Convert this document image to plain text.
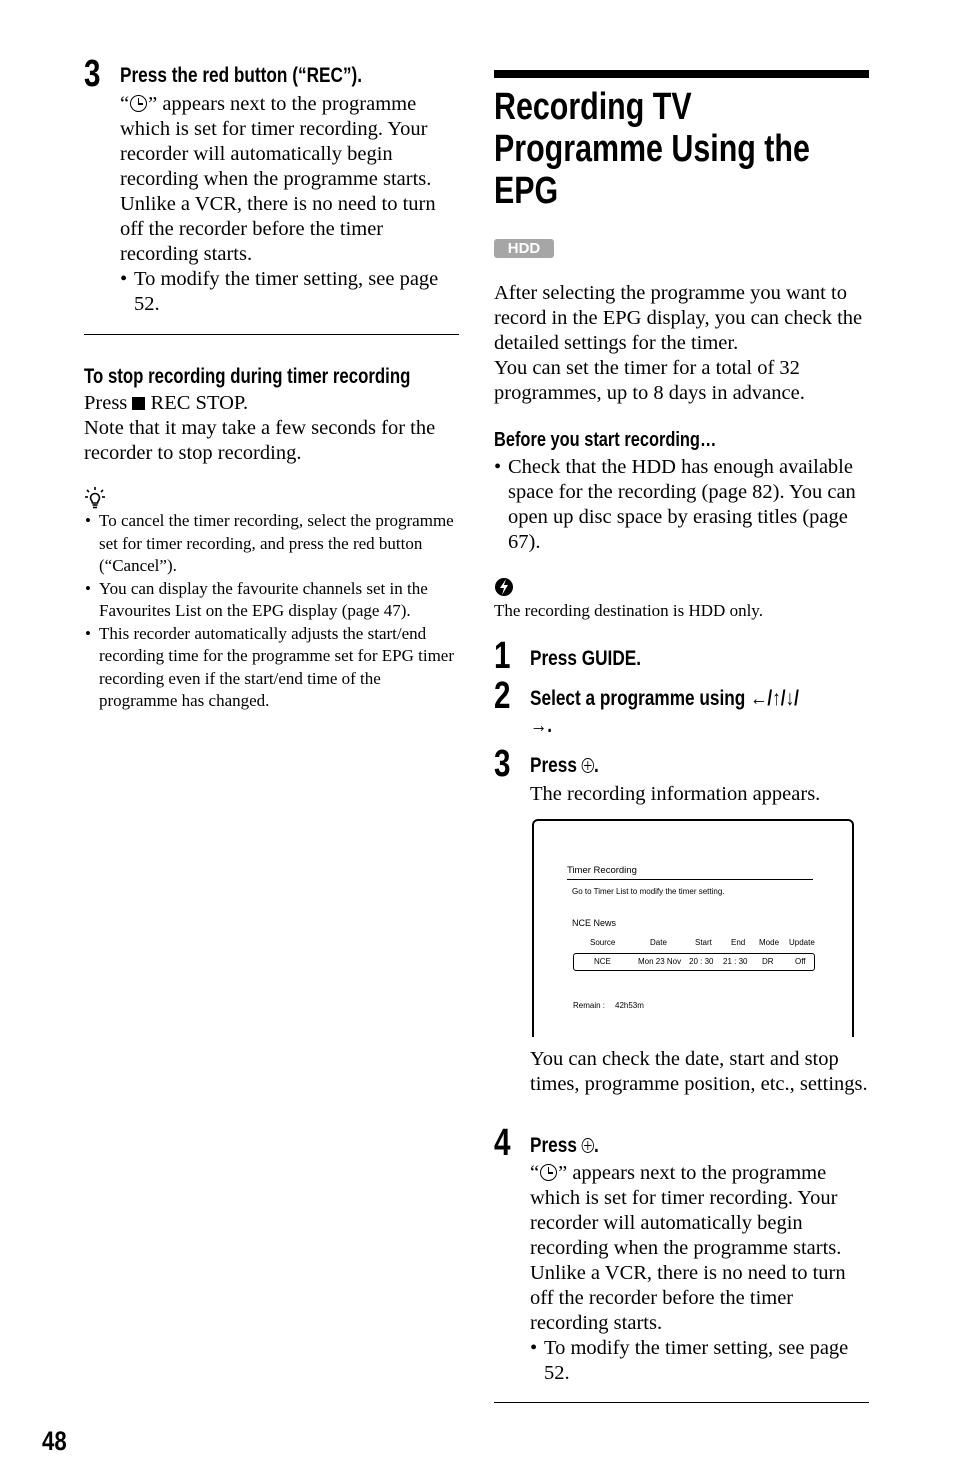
3 Press the red button (“REC”).
“ ” appears next to the programme which is set for timer recording. Your recorder will automatically begin recording when the programme starts. Unlike a VCR, there is no need to turn off the recorder before the timer recording starts.
• To modify the timer setting, see page 52.
To stop recording during timer recording
Press REC STOP.
Note that it may take a few seconds for the recorder to stop recording.
• To cancel the timer recording, select the programme set for timer recording, and press the red button (“Cancel”).
• You can display the favourite channels set in the Favourites List on the EPG display (page 47).
• This recorder automatically adjusts the start/end recording time for the programme set for EPG timer recording even if the start/end time of the programme has changed.
Recording TV
Programme Using the
EPG
HDD
After selecting the programme you want to record in the EPG display, you can check the detailed settings for the timer.
You can set the timer for a total of 32 programmes, up to 8 days in advance.
Before you start recording…
• Check that the HDD has enough available space for the recording (page 82). You can open up disc space by erasing titles (page 67).
The recording destination is HDD only.
1 Press GUIDE.
2 Select a programme using ←/↑/↓/
→.
3 Press .
The recording information appears.
Timer Recording
Go to Timer List to modify the timer setting.
NCE News
Source	Date	Start End Mode Update
NCE	Mon 23 Nov 20 : 30 21 : 30 DR	Off
Remain : 42h53m
You can check the date, start and stop times, programme position, etc., settings.
4 Press .
“ ” appears next to the programme which is set for timer recording. Your recorder will automatically begin recording when the programme starts. Unlike a VCR, there is no need to turn off the recorder before the timer recording starts.
• To modify the timer setting, see page 52.
48
